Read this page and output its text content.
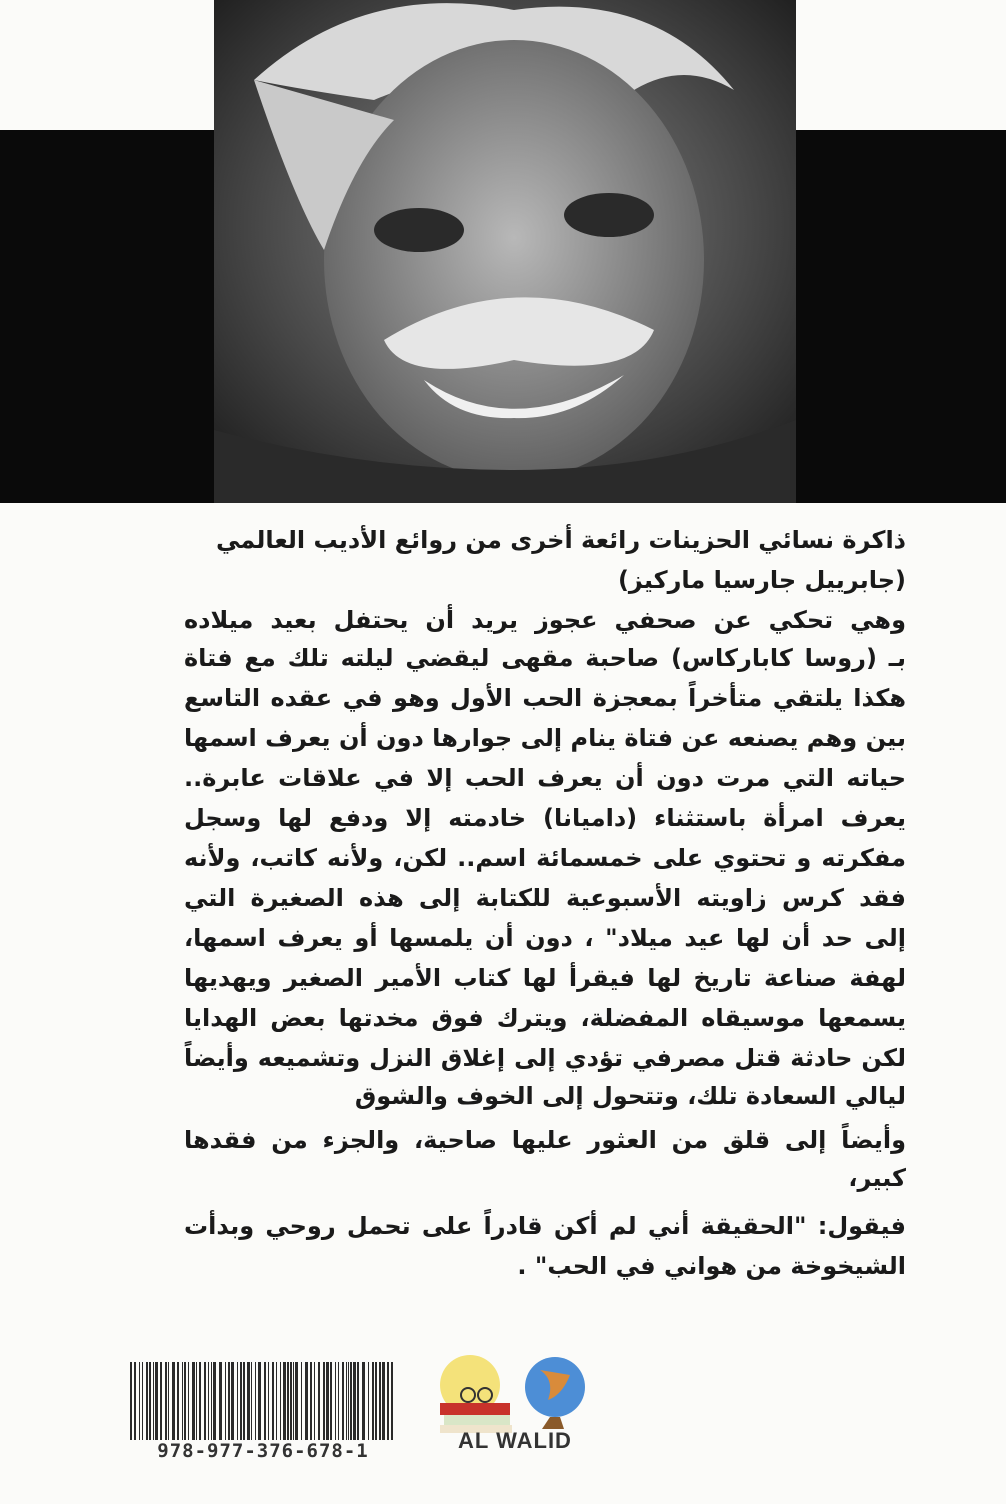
ذاكرة نسائي الحزينات رائعة أخرى من روائع الأديب العالمي
(جابرييل جارسيا ماركيز)
وهي تحكي عن صحفي عجوز يريد أن يحتفل بعيد ميلاده
بـ (روسا كاباركاس) صاحبة مقهى ليقضي ليلته تلك مع فتاة
هكذا يلتقي متأخراً بمعجزة الحب الأول وهو في عقده التاسع
بين وهم يصنعه عن فتاة ينام إلى جوارها دون أن يعرف اسمها
حياته التي مرت دون أن يعرف الحب إلا في علاقات عابرة..
يعرف امرأة باستثناء (داميانا) خادمته إلا ودفع لها وسجل
مفكرته و تحتوي على خمسمائة اسم.. لكن، ولأنه كاتب، ولأنه
فقد كرس زاويته الأسبوعية للكتابة إلى هذه الصغيرة التي
إلى حد أن لها عيد ميلاد" ، دون أن يلمسها أو يعرف اسمها،
لهفة صناعة تاريخ لها فيقرأ لها كتاب الأمير الصغير ويهديها
يسمعها موسيقاه المفضلة، ويترك فوق مخدتها بعض الهدايا
لكن حادثة قتل مصرفي تؤدي إلى إغلاق النزل وتشميعه وأيضاً
ليالي السعادة تلك، وتتحول إلى الخوف والشوق
وأيضاً إلى قلق من العثور عليها صاحية، والجزء من فقدها
كبير،
فيقول: "الحقيقة أني لم أكن قادراً على تحمل روحي وبدأت
الشيخوخة من هواني في الحب" .
978-977-376-678-1	AL WALID
